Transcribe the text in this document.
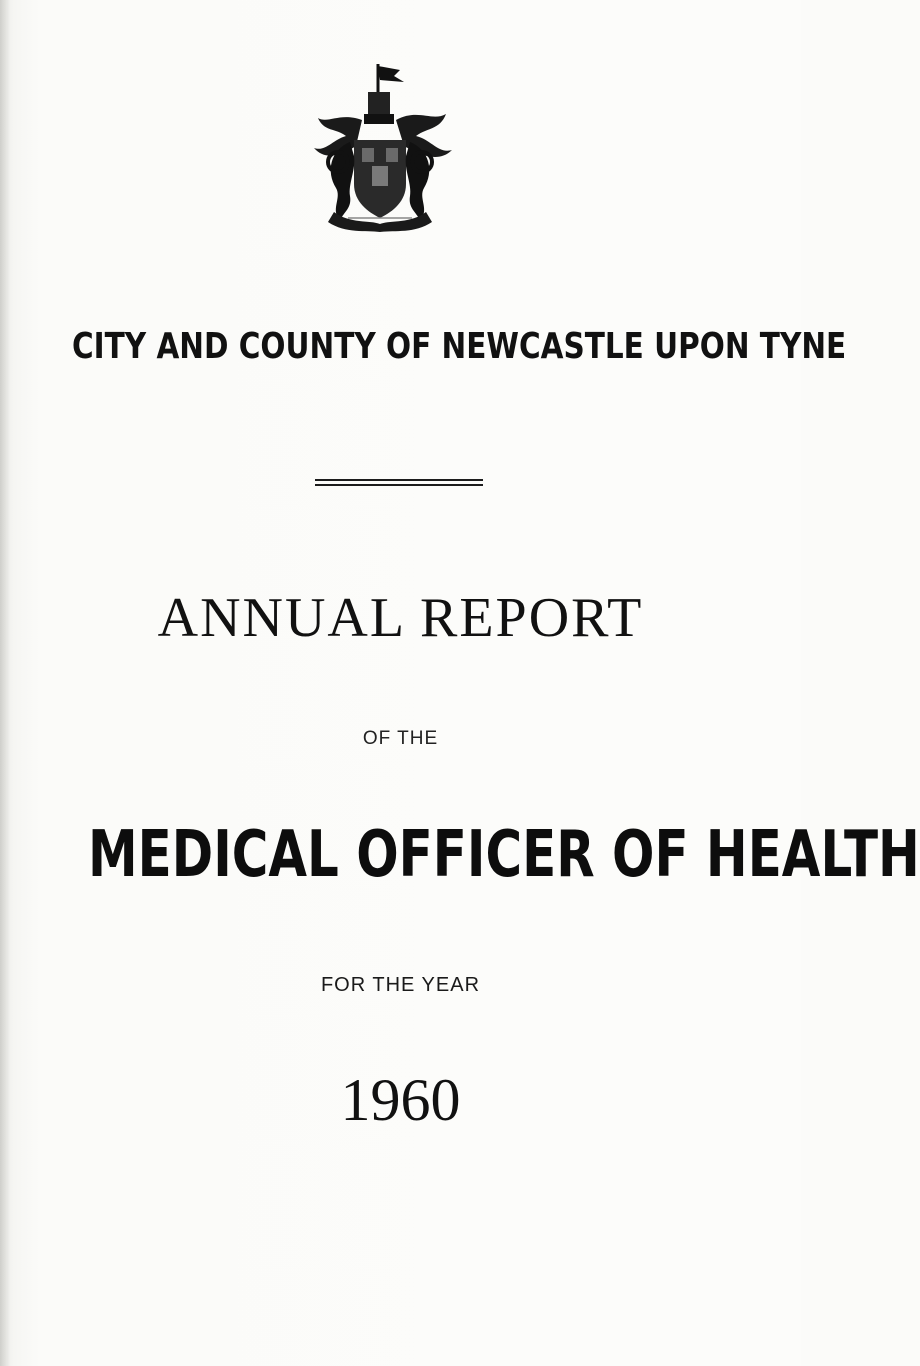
CITY AND COUNTY OF NEWCASTLE UPON TYNE
ANNUAL REPORT
OF THE
MEDICAL OFFICER OF HEALTH
FOR THE YEAR
1960
